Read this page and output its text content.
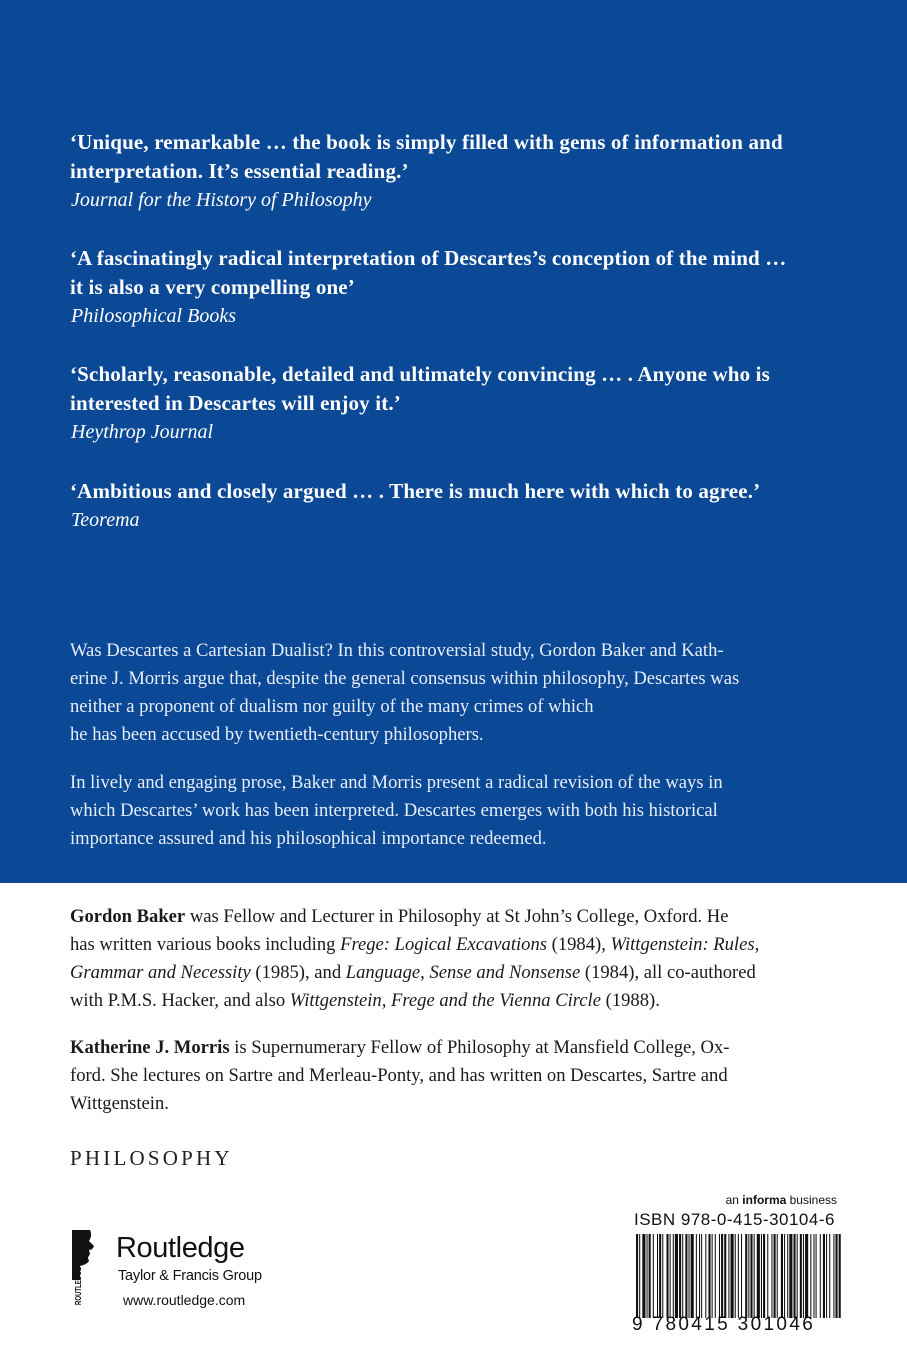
‘Unique, remarkable … the book is simply filled with gems of information and
interpretation. It’s essential reading.’
Journal for the History of Philosophy
‘A fascinatingly radical interpretation of Descartes’s conception of the mind …
it is also a very compelling one’
Philosophical Books
‘Scholarly, reasonable, detailed and ultimately convincing … . Anyone who is
interested in Descartes will enjoy it.’
Heythrop Journal
‘Ambitious and closely argued … . There is much here with which to agree.’
Teorema

Was Descartes a Cartesian Dualist? In this controversial study, Gordon Baker and Kath-

erine J. Morris argue that, despite the general consensus within philosophy, Descartes was

neither a proponent of dualism nor guilty of the many crimes of which

he has been accused by twentieth-century philosophers.

In lively and engaging prose, Baker and Morris present a radical revision of the ways in

which Descartes’ work has been interpreted. Descartes emerges with both his historical

importance assured and his philosophical importance redeemed.

Gordon Baker was Fellow and Lecturer in Philosophy at St John’s College, Oxford. He

has written various books including Frege: Logical Excavations (1984), Wittgenstein: Rules,

Grammar and Necessity (1985), and Language, Sense and Nonsense (1984), all co-authored

with P.M.S. Hacker, and also Wittgenstein, Frege and the Vienna Circle (1988).

Katherine J. Morris is Supernumerary Fellow of Philosophy at Mansfield College, Ox-

ford. She lectures on Sartre and Merleau-Ponty, and has written on Descartes, Sartre and

Wittgenstein.

PHILOSOPHY
ROUTLEDGE
Routledge
Taylor & Francis Group
www.routledge.com
an informa business
ISBN 978-0-415-30104-6
9 780415 301046
